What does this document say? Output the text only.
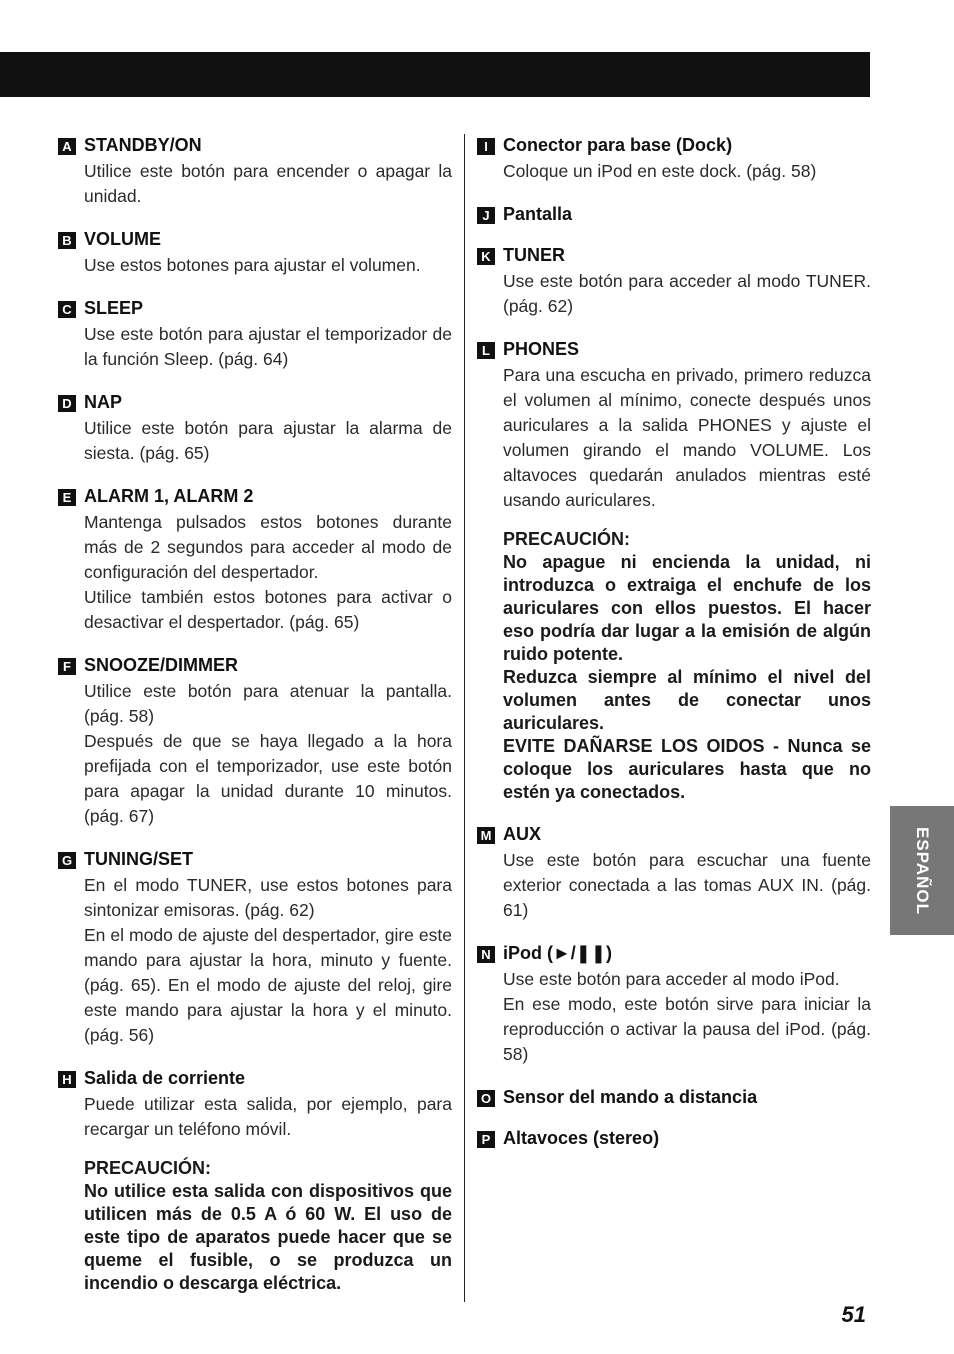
A STANDBY/ON

Utilice este botón para encender o apagar la unidad.

B VOLUME

Use estos botones para ajustar el volumen.

C SLEEP

Use este botón para ajustar el temporizador de la función Sleep. (pág. 64)

D NAP

Utilice este botón para ajustar la alarma de siesta. (pág. 65)

E ALARM 1, ALARM 2

Mantenga pulsados estos botones durante más de 2 segundos para acceder al modo de configuración del despertador.

Utilice también estos botones para activar o desactivar el despertador. (pág. 65)

F SNOOZE/DIMMER

Utilice este botón para atenuar la pantalla. (pág. 58)

Después de que se haya llegado a la hora prefijada con el temporizador, use este botón para apagar la unidad durante 10 minutos. (pág. 67)

G TUNING/SET

En el modo TUNER, use estos botones para sintonizar emisoras. (pág. 62)

En el modo de ajuste del despertador, gire este mando para ajustar la hora, minuto y fuente. (pág. 65). En el modo de ajuste del reloj, gire este mando para ajustar la hora y el minuto. (pág. 56)

H Salida de corriente

Puede utilizar esta salida, por ejemplo, para recargar un teléfono móvil.

PRECAUCIÓN:

No utilice esta salida con dispositivos que utilicen más de 0.5 A ó 60 W. El uso de este tipo de aparatos puede hacer que se queme el fusible, o se produzca un incendio o descarga eléctrica.

I Conector para base (Dock)

Coloque un iPod en este dock. (pág. 58)

J Pantalla
K TUNER

Use este botón para acceder al modo TUNER. (pág. 62)

L PHONES

Para una escucha en privado, primero reduzca el volumen al mínimo, conecte después unos auriculares a la salida PHONES y ajuste el volumen girando el mando VOLUME. Los altavoces quedarán anulados mientras esté usando auriculares.

PRECAUCIÓN:

No apague ni encienda la unidad, ni introduzca o extraiga el enchufe de los auriculares con ellos puestos. El hacer eso podría dar lugar a la emisión de algún ruido potente.

Reduzca siempre al mínimo el nivel del volumen antes de conectar unos auriculares.

EVITE DAÑARSE LOS OIDOS - Nunca se coloque los auriculares hasta que no estén ya conectados.

M AUX

Use este botón para escuchar una fuente exterior conectada a las tomas AUX IN. (pág. 61)

N iPod (►/❚❚)

Use este botón para acceder al modo iPod.

En ese modo, este botón sirve para iniciar la reproducción o activar la pausa del iPod. (pág. 58)

O Sensor del mando a distancia
P Altavoces (stereo)
ESPAÑOL
51
